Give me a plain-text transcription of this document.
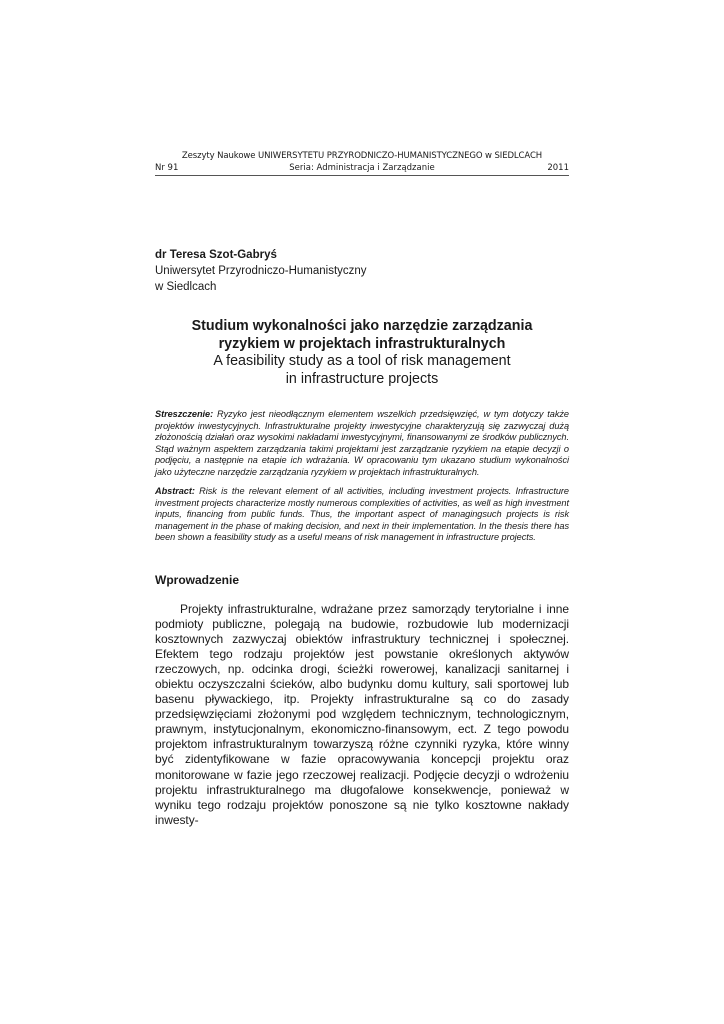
Zeszyty Naukowe UNIWERSYTETU PRZYRODNICZO-HUMANISTYCZNEGO w SIEDLCACH
Nr 91	Seria: Administracja i Zarządzanie	2011
dr Teresa Szot-Gabryś
Uniwersytet Przyrodniczo-Humanistyczny
w Siedlcach
Studium wykonalności jako narzędzie zarządzania
ryzykiem w projektach infrastrukturalnych
A feasibility study as a tool of risk management
in infrastructure projects
Streszczenie: Ryzyko jest nieodłącznym elementem wszelkich przedsięwzięć, w tym dotyczy także projektów inwestycyjnych. Infrastrukturalne projekty inwestycyjne charakteryzują się zazwyczaj dużą złożonością działań oraz wysokimi nakładami inwestycyjnymi, finansowanymi ze środków publicznych. Stąd ważnym aspektem zarządzania takimi projektami jest zarządzanie ryzykiem na etapie decyzji o podjęciu, a następnie na etapie ich wdrażania. W opracowaniu tym ukazano studium wykonalności jako użyteczne narzędzie zarządzania ryzykiem w projektach infrastrukturalnych.
Abstract: Risk is the relevant element of all activities, including investment projects. Infrastructure investment projects characterize mostly numerous complexities of activities, as well as high investment inputs, financing from public funds. Thus, the important aspect of managingsuch projects is risk management in the phase of making decision, and next in their implementation. In the thesis there has been shown a feasibility study as a useful means of risk management in infrastructure projects.
Wprowadzenie
Projekty infrastrukturalne, wdrażane przez samorządy terytorialne i inne podmioty publiczne, polegają na budowie, rozbudowie lub modernizacji kosztownych zazwyczaj obiektów infrastruktury technicznej i społecznej. Efektem tego rodzaju projektów jest powstanie określonych aktywów rzeczowych, np. odcinka drogi, ścieżki rowerowej, kanalizacji sanitarnej i obiektu oczyszczalni ścieków, albo budynku domu kultury, sali sportowej lub basenu pływackiego, itp. Projekty infrastrukturalne są co do zasady przedsięwzięciami złożonymi pod względem technicznym, technologicznym, prawnym, instytucjonalnym, ekonomiczno-finansowym, ect. Z tego powodu projektom infrastrukturalnym towarzyszą różne czynniki ryzyka, które winny być zidentyfikowane w fazie opracowywania koncepcji projektu oraz monitorowane w fazie jego rzeczowej realizacji. Podjęcie decyzji o wdrożeniu projektu infrastrukturalnego ma długofalowe konsekwencje, ponieważ w wyniku tego rodzaju projektów ponoszone są nie tylko kosztowne nakłady inwesty-
